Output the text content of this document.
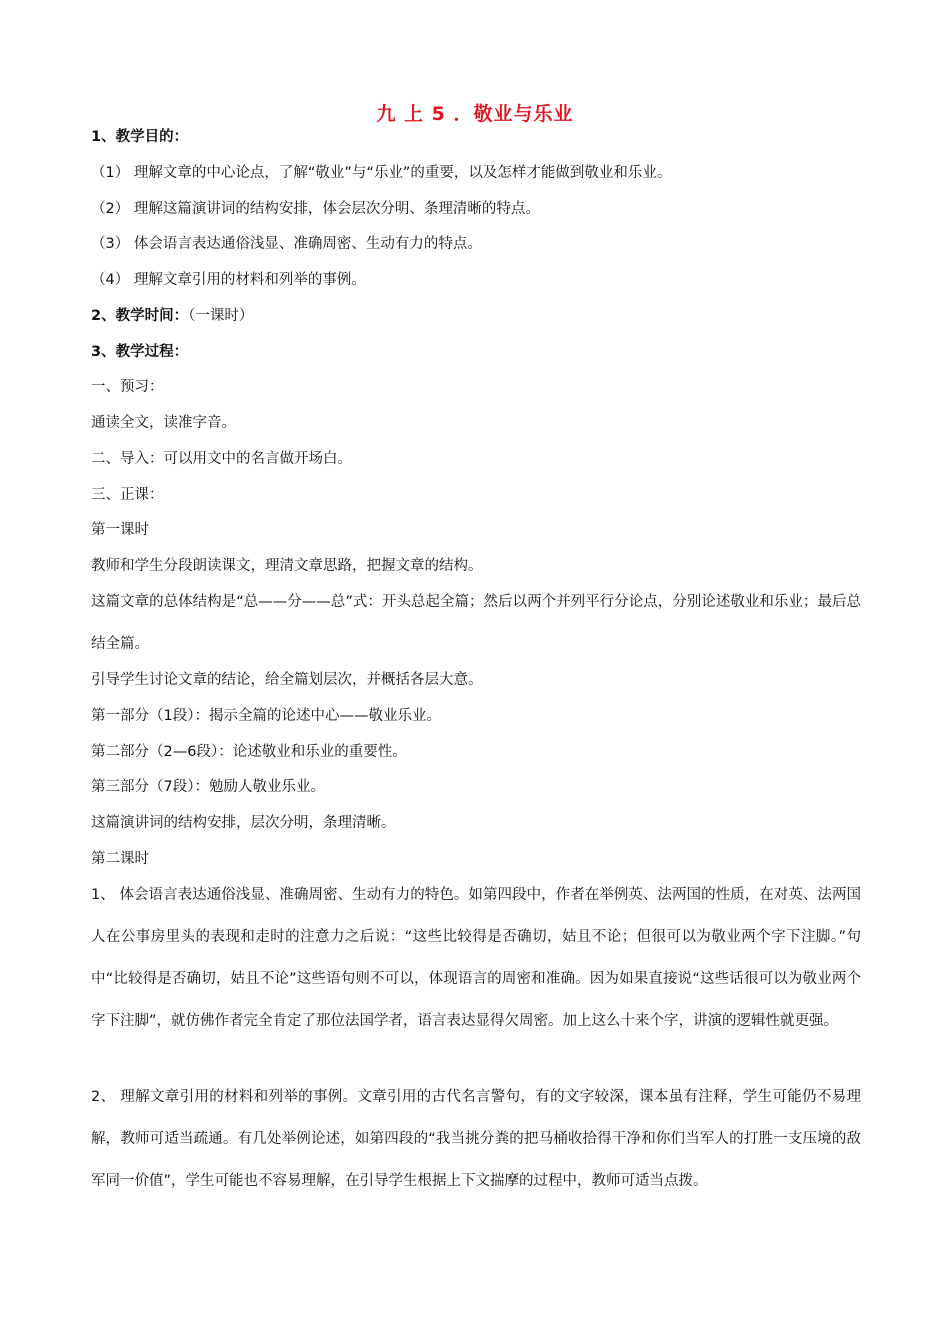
九 上 5 ．敬业与乐业
1、教学目的：
（1） 理解文章的中心论点，了解“敬业”与“乐业”的重要，以及怎样才能做到敬业和乐业。
（2） 理解这篇演讲词的结构安排，体会层次分明、条理清晰的特点。
（3） 体会语言表达通俗浅显、准确周密、生动有力的特点。
（4） 理解文章引用的材料和列举的事例。
2、教学时间：（一课时）
3、教学过程：
一、预习：
通读全文，读准字音。
二、导入：可以用文中的名言做开场白。
三、正课：
第一课时
教师和学生分段朗读课文，理清文章思路，把握文章的结构。
这篇文章的总体结构是“总——分——总”式：开头总起全篇；然后以两个并列平行分论点，分别论述敬业和乐业；最后总结全篇。
引导学生讨论文章的结论，给全篇划层次，并概括各层大意。
第一部分（1段）：揭示全篇的论述中心——敬业乐业。
第二部分（2—6段）：论述敬业和乐业的重要性。
第三部分（7段）：勉励人敬业乐业。
这篇演讲词的结构安排，层次分明，条理清晰。
第二课时
1、 体会语言表达通俗浅显、准确周密、生动有力的特色。如第四段中，作者在举例英、法两国的性质，在对英、法两国人在公事房里头的表现和走时的注意力之后说：“这些比较得是否确切，姑且不论；但很可以为敬业两个字下注脚。”句中“比较得是否确切，姑且不论”这些语句则不可以，体现语言的周密和准确。因为如果直接说“这些话很可以为敬业两个字下注脚”，就仿佛作者完全肯定了那位法国学者，语言表达显得欠周密。加上这么十来个字，讲演的逻辑性就更强。
2、 理解文章引用的材料和列举的事例。文章引用的古代名言警句，有的文字较深，课本虽有注释，学生可能仍不易理解，教师可适当疏通。有几处举例论述，如第四段的“我当挑分粪的把马桶收拾得干净和你们当军人的打胜一支压境的敌军同一价值”，学生可能也不容易理解，在引导学生根据上下文揣摩的过程中，教师可适当点拨。
